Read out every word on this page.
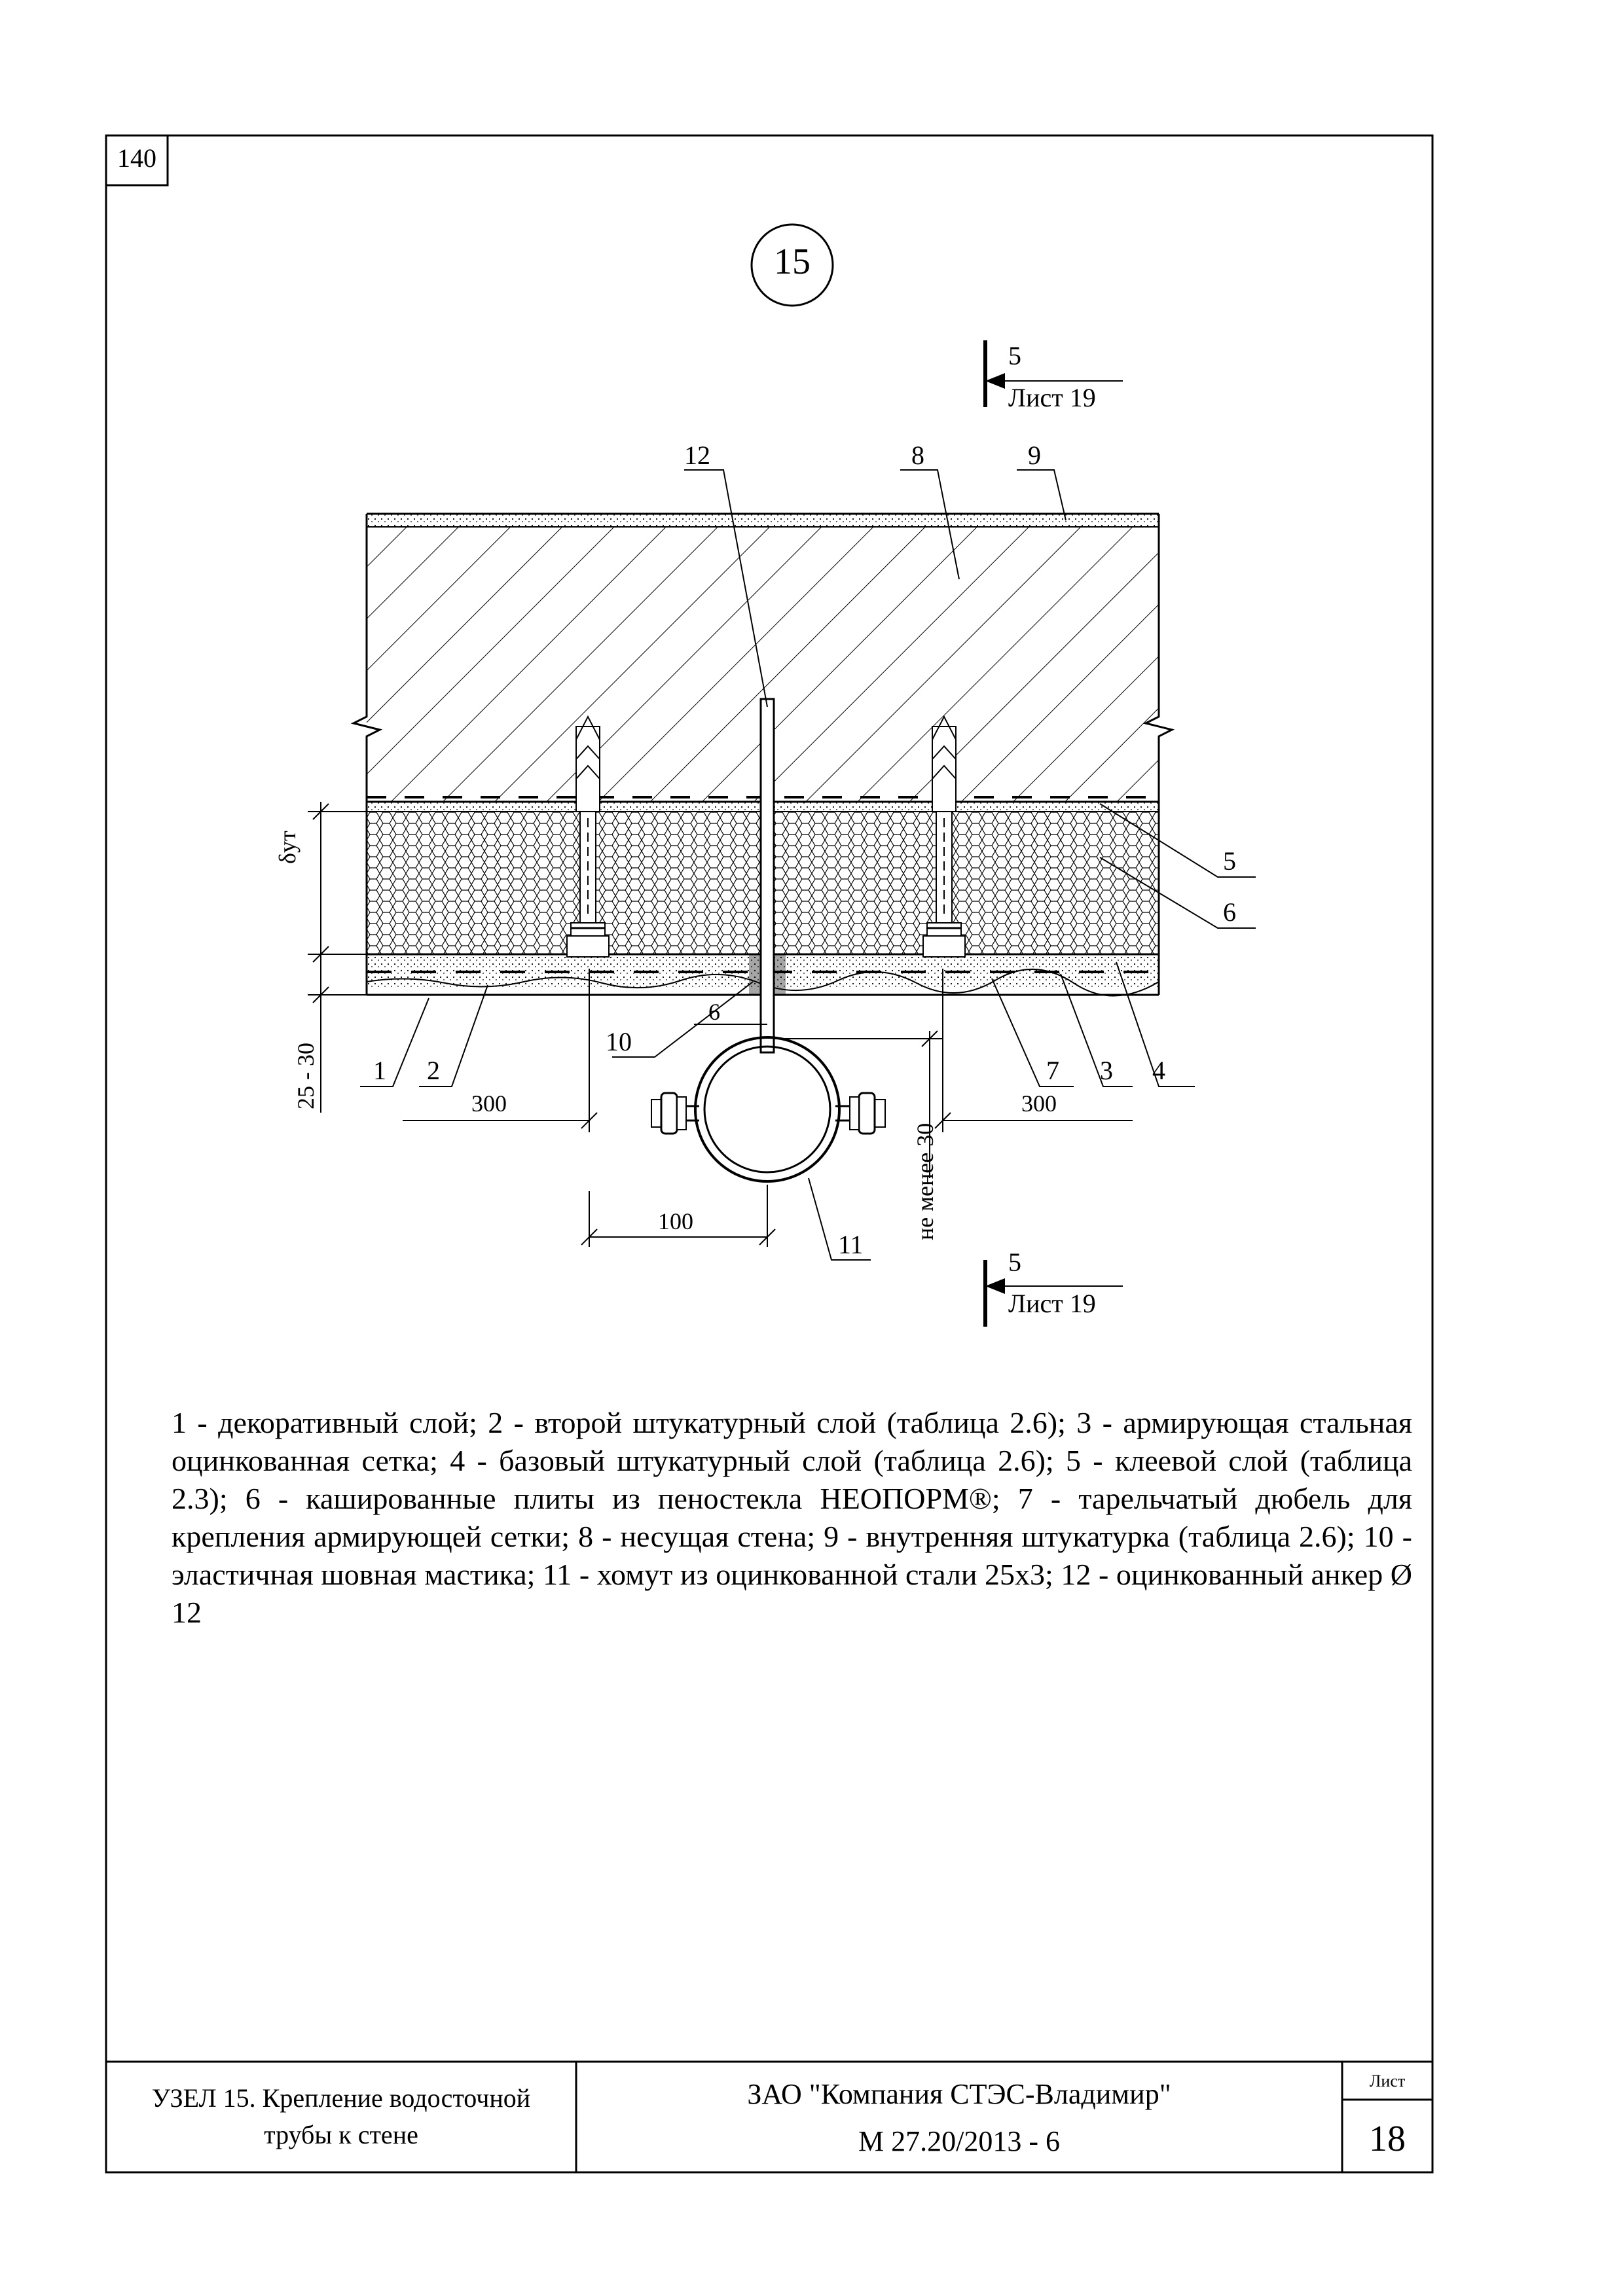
140
15
5
Лист 19
5
Лист 19
12	8	9
5
6
1 2
10
6
7 3 4
11
δут
25 - 30	300	300
100	не менее 30
1 - декоративный слой; 2 - второй штукатурный слой (таблица 2.6); 3 - армирующая стальная оцинкованная сетка; 4 - базовый штукатурный слой (таблица 2.6); 5 - клеевой слой (таблица 2.3); 6 - кашированные плиты из пеностекла НЕОПОРМ®; 7 - тарельчатый дюбель для крепления армирующей сетки; 8 - несущая стена; 9 - внутренняя штукатурка (таблица 2.6); 10 - эластичная шовная мастика; 11 - хомут из оцинкованной стали 25х3; 12 - оцинкованный анкер Ø 12
УЗЕЛ 15. Крепление водосточной
трубы к стене
ЗАО "Компания СТЭС-Владимир"
М 27.20/2013 - 6
Лист
18
